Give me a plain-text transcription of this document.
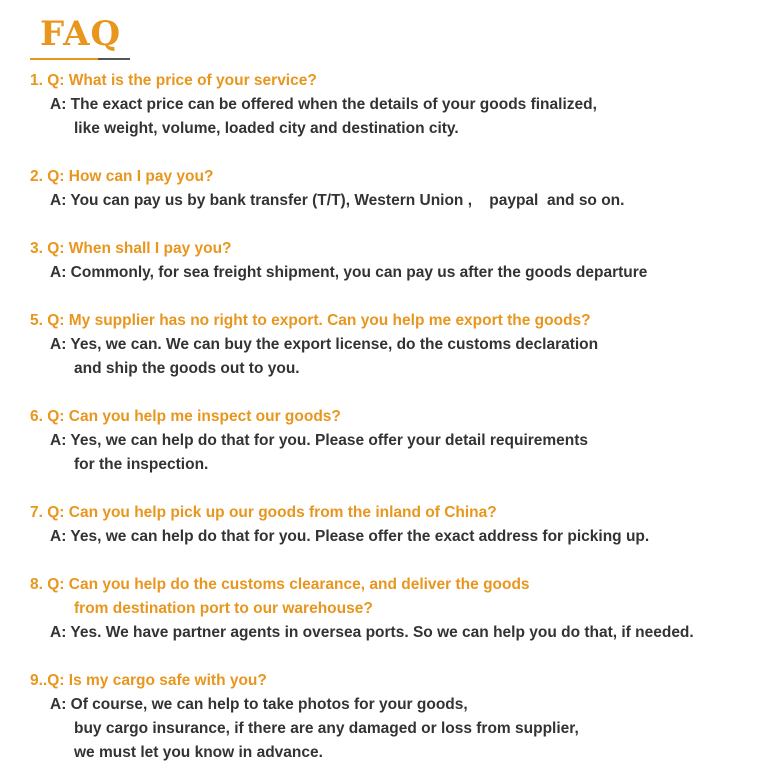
FAQ
1. Q: What is the price of your service?
A: The exact price can be offered when the details of your goods finalized,
like weight, volume, loaded city and destination city.
2. Q: How can I pay you?
A: You can pay us by bank transfer (T/T), Western Union ,    paypal  and so on.
3. Q: When shall I pay you?
A: Commonly, for sea freight shipment, you can pay us after the goods departure
5. Q: My supplier has no right to export. Can you help me export the goods?
A: Yes, we can. We can buy the export license, do the customs declaration
and ship the goods out to you.
6. Q: Can you help me inspect our goods?
A: Yes, we can help do that for you. Please offer your detail requirements
for the inspection.
7. Q: Can you help pick up our goods from the inland of China?
A: Yes, we can help do that for you. Please offer the exact address for picking up.
8. Q: Can you help do the customs clearance, and deliver the goods
from destination port to our warehouse?
A: Yes. We have partner agents in oversea ports. So we can help you do that, if needed.
9..Q: Is my cargo safe with you?
A: Of course, we can help to take photos for your goods,
buy cargo insurance, if there are any damaged or loss from supplier,
we must let you know in advance.
